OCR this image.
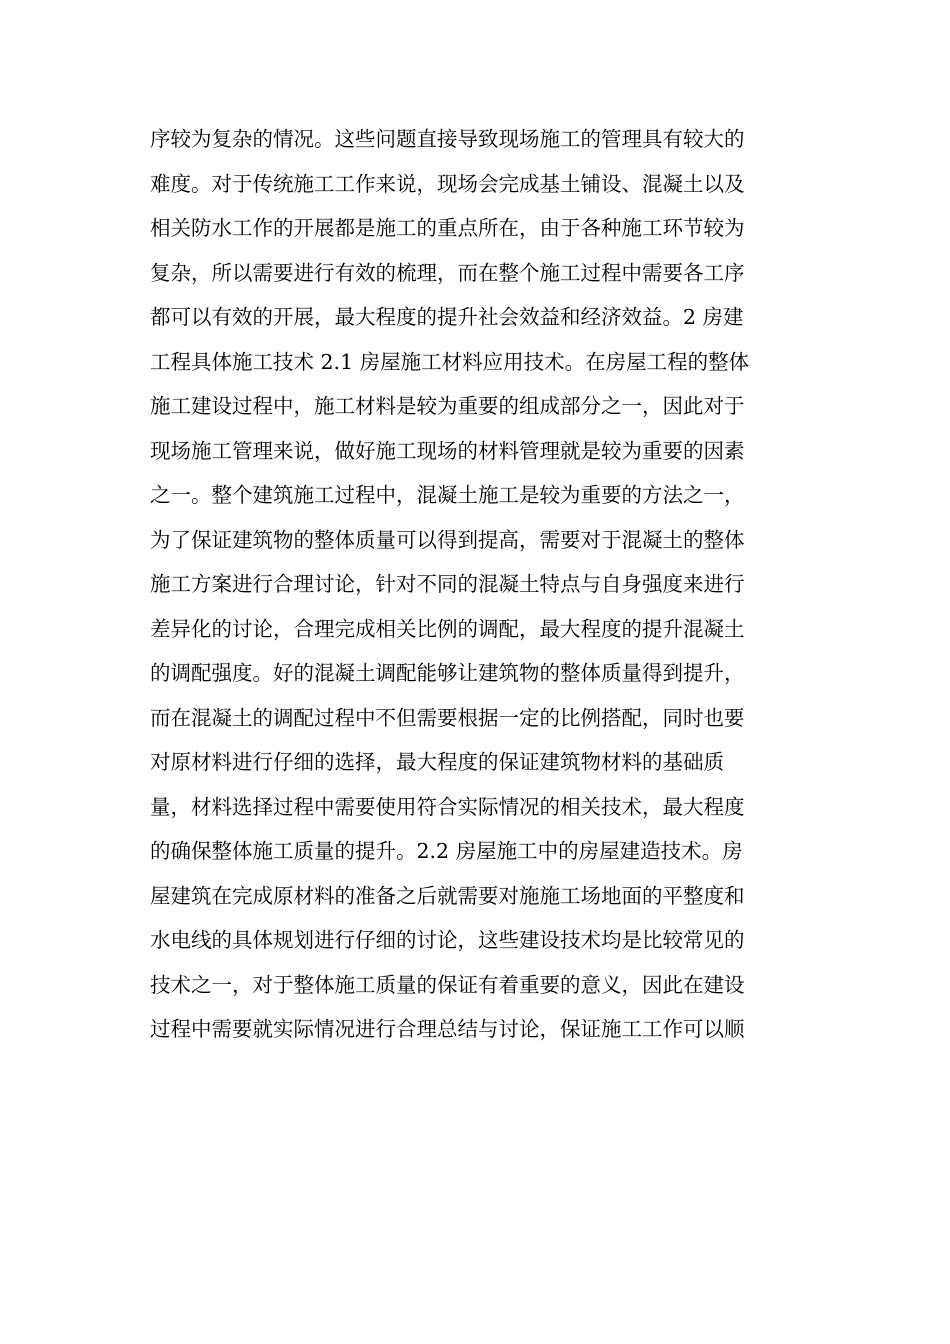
序较为复杂的情况。这些问题直接导致现场施工的管理具有较大的
难度。对于传统施工工作来说，现场会完成基土铺设、混凝土以及
相关防水工作的开展都是施工的重点所在，由于各种施工环节较为
复杂，所以需要进行有效的梳理，而在整个施工过程中需要各工序
都可以有效的开展，最大程度的提升社会效益和经济效益。2 房建
工程具体施工技术 2.1 房屋施工材料应用技术。在房屋工程的整体
施工建设过程中，施工材料是较为重要的组成部分之一，因此对于
现场施工管理来说，做好施工现场的材料管理就是较为重要的因素
之一。整个建筑施工过程中，混凝土施工是较为重要的方法之一，
为了保证建筑物的整体质量可以得到提高，需要对于混凝土的整体
施工方案进行合理讨论，针对不同的混凝土特点与自身强度来进行
差异化的讨论，合理完成相关比例的调配，最大程度的提升混凝土
的调配强度。好的混凝土调配能够让建筑物的整体质量得到提升，
而在混凝土的调配过程中不但需要根据一定的比例搭配，同时也要
对原材料进行仔细的选择，最大程度的保证建筑物材料的基础质
量，材料选择过程中需要使用符合实际情况的相关技术，最大程度
的确保整体施工质量的提升。2.2 房屋施工中的房屋建造技术。房
屋建筑在完成原材料的准备之后就需要对施施工场地面的平整度和
水电线的具体规划进行仔细的讨论，这些建设技术均是比较常见的
技术之一，对于整体施工质量的保证有着重要的意义，因此在建设
过程中需要就实际情况进行合理总结与讨论，保证施工工作可以顺
